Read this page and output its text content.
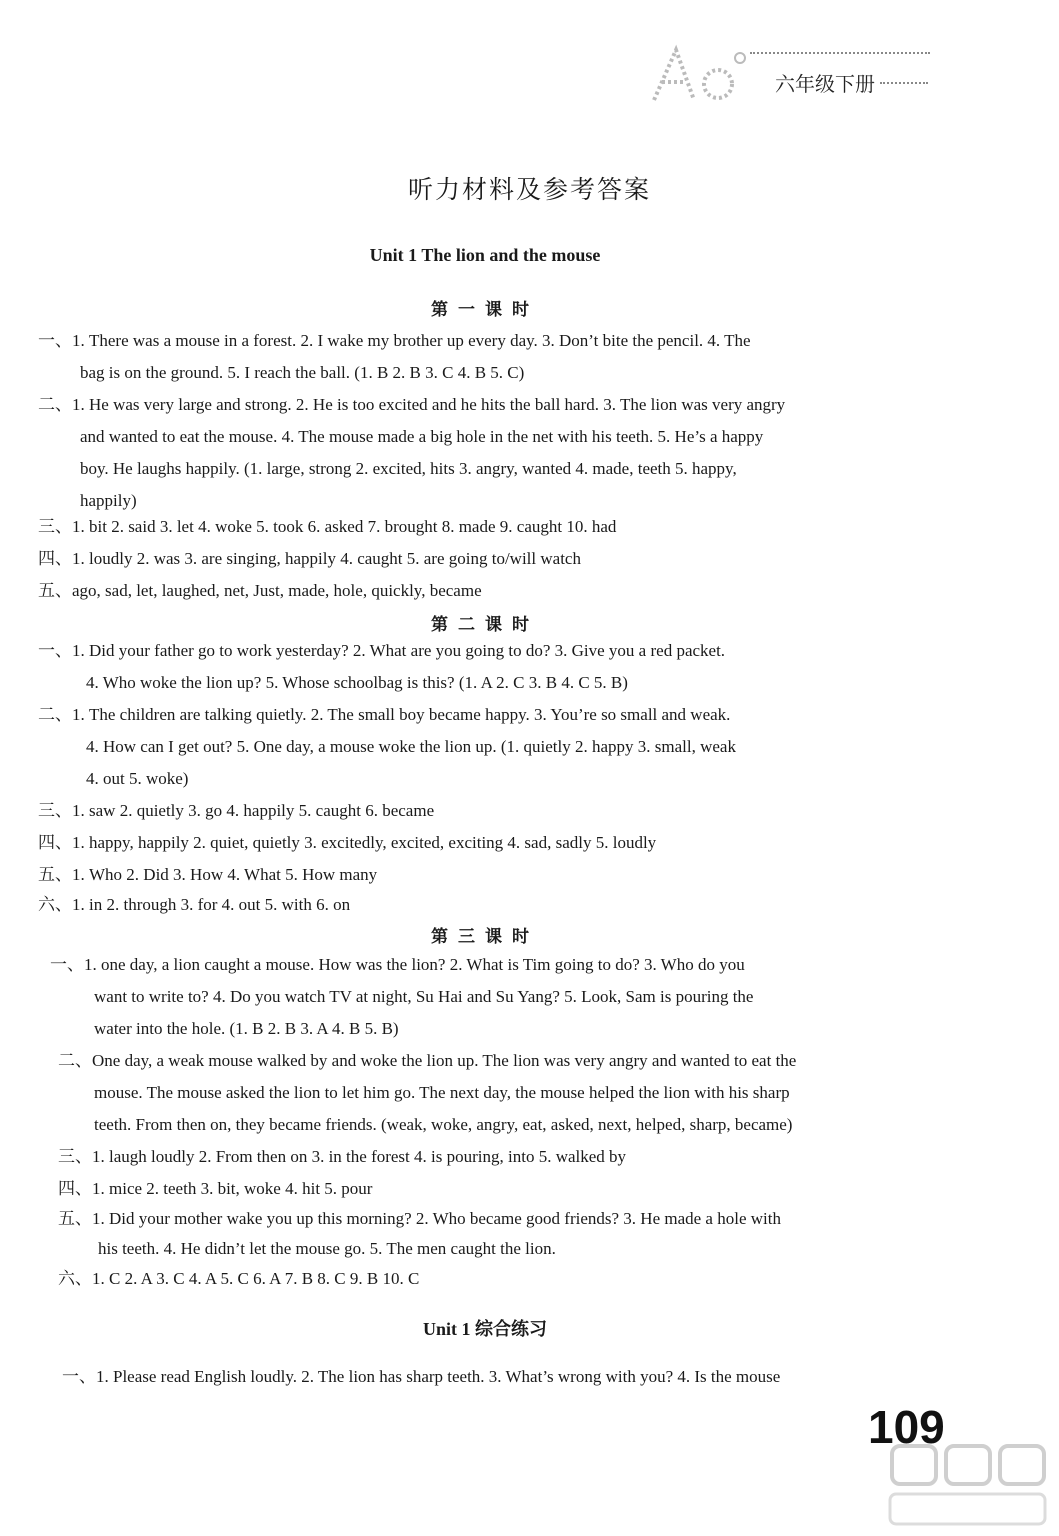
六年级下册
听力材料及参考答案
Unit 1 The lion and the mouse
第一课时
一、1. There was a mouse in a forest. 2. I wake my brother up every day. 3. Don’t bite the pencil. 4. The
bag is on the ground. 5. I reach the ball. (1. B 2. B 3. C 4. B 5. C)
二、1. He was very large and strong. 2. He is too excited and he hits the ball hard. 3. The lion was very angry
and wanted to eat the mouse. 4. The mouse made a big hole in the net with his teeth. 5. He’s a happy
boy. He laughs happily. (1. large, strong 2. excited, hits 3. angry, wanted 4. made, teeth 5. happy,
happily)
三、1. bit 2. said 3. let 4. woke 5. took 6. asked 7. brought 8. made 9. caught 10. had
四、1. loudly 2. was 3. are singing, happily 4. caught 5. are going to/will watch
五、ago, sad, let, laughed, net, Just, made, hole, quickly, became
第二课时
一、1. Did your father go to work yesterday? 2. What are you going to do? 3. Give you a red packet.
4. Who woke the lion up? 5. Whose schoolbag is this? (1. A 2. C 3. B 4. C 5. B)
二、1. The children are talking quietly. 2. The small boy became happy. 3. You’re so small and weak.
4. How can I get out? 5. One day, a mouse woke the lion up. (1. quietly 2. happy 3. small, weak
4. out 5. woke)
三、1. saw 2. quietly 3. go 4. happily 5. caught 6. became
四、1. happy, happily 2. quiet, quietly 3. excitedly, excited, exciting 4. sad, sadly 5. loudly
五、1. Who 2. Did 3. How 4. What 5. How many
六、1. in 2. through 3. for 4. out 5. with 6. on
第三课时
一、1. one day, a lion caught a mouse. How was the lion? 2. What is Tim going to do? 3. Who do you
want to write to? 4. Do you watch TV at night, Su Hai and Su Yang? 5. Look, Sam is pouring the
water into the hole. (1. B 2. B 3. A 4. B 5. B)
二、One day, a weak mouse walked by and woke the lion up. The lion was very angry and wanted to eat the
mouse. The mouse asked the lion to let him go. The next day, the mouse helped the lion with his sharp
teeth. From then on, they became friends. (weak, woke, angry, eat, asked, next, helped, sharp, became)
三、1. laugh loudly 2. From then on 3. in the forest 4. is pouring, into 5. walked by
四、1. mice 2. teeth 3. bit, woke 4. hit 5. pour
五、1. Did your mother wake you up this morning? 2. Who became good friends? 3. He made a hole with
his teeth. 4. He didn’t let the mouse go. 5. The men caught the lion.
六、1. C 2. A 3. C 4. A 5. C 6. A 7. B 8. C 9. B 10. C
Unit 1 综合练习
一、1. Please read English loudly. 2. The lion has sharp teeth. 3. What’s wrong with you? 4. Is the mouse
109
